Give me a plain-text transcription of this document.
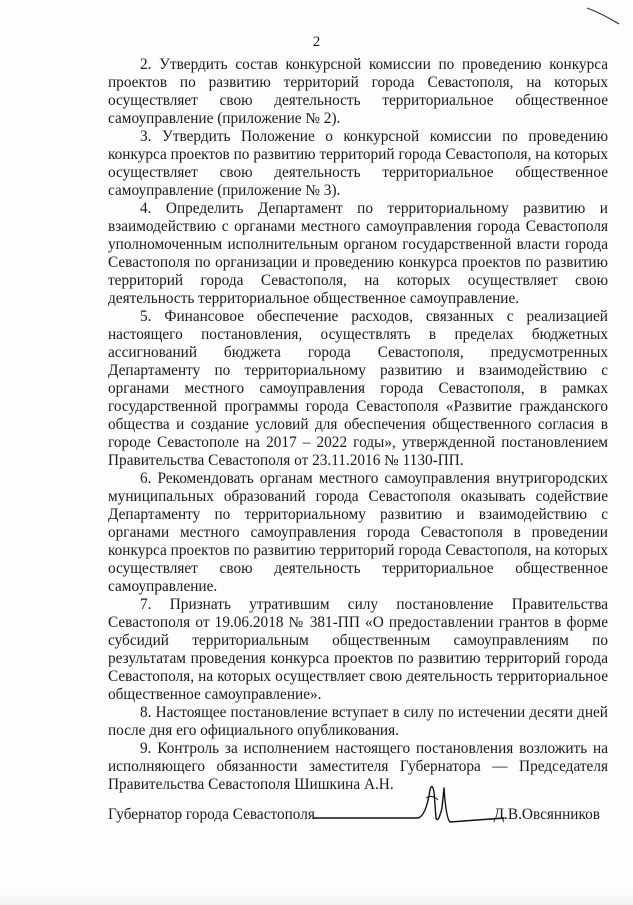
2

2. Утвердить состав конкурсной комиссии по проведению конкурса проектов по развитию территорий города Севастополя, на которых осуществляет свою деятельность территориальное общественное самоуправление (приложение № 2).

3. Утвердить Положение о конкурсной комиссии по проведению конкурса проектов по развитию территорий города Севастополя, на которых осуществляет свою деятельность территориальное общественное самоуправление (приложение № 3).

4. Определить Департамент по территориальному развитию и взаимодействию с органами местного самоуправления города Севастополя уполномоченным исполнительным органом государственной власти города Севастополя по организации и проведению конкурса проектов по развитию территорий города Севастополя, на которых осуществляет свою деятельность территориальное общественное самоуправление.

5. Финансовое обеспечение расходов, связанных с реализацией настоящего постановления, осуществлять в пределах бюджетных ассигнований бюджета города Севастополя, предусмотренных Департаменту по территориальному развитию и взаимодействию с органами местного самоуправления города Севастополя, в рамках государственной программы города Севастополя «Развитие гражданского общества и создание условий для обеспечения общественного согласия в городе Севастополе на 2017 – 2022 годы», утвержденной постановлением Правительства Севастополя от 23.11.2016 № 1130-ПП.

6. Рекомендовать органам местного самоуправления внутригородских муниципальных образований города Севастополя оказывать содействие Департаменту по территориальному развитию и взаимодействию с органами местного самоуправления города Севастополя в проведении конкурса проектов по развитию территорий города Севастополя, на которых осуществляет свою деятельность территориальное общественное самоуправление.

7. Признать утратившим силу постановление Правительства Севастополя от 19.06.2018 № 381-ПП «О предоставлении грантов в форме субсидий территориальным общественным самоуправлениям по результатам проведения конкурса проектов по развитию территорий города Севастополя, на которых осуществляет свою деятельность территориальное общественное самоуправление».

8. Настоящее постановление вступает в силу по истечении десяти дней после дня его официального опубликования.

9. Контроль за исполнением настоящего постановления возложить на исполняющего обязанности заместителя Губернатора — Председателя Правительства Севастополя Шишкина А.Н.

Губернатор города Севастополя	Д.В.Овсянников
